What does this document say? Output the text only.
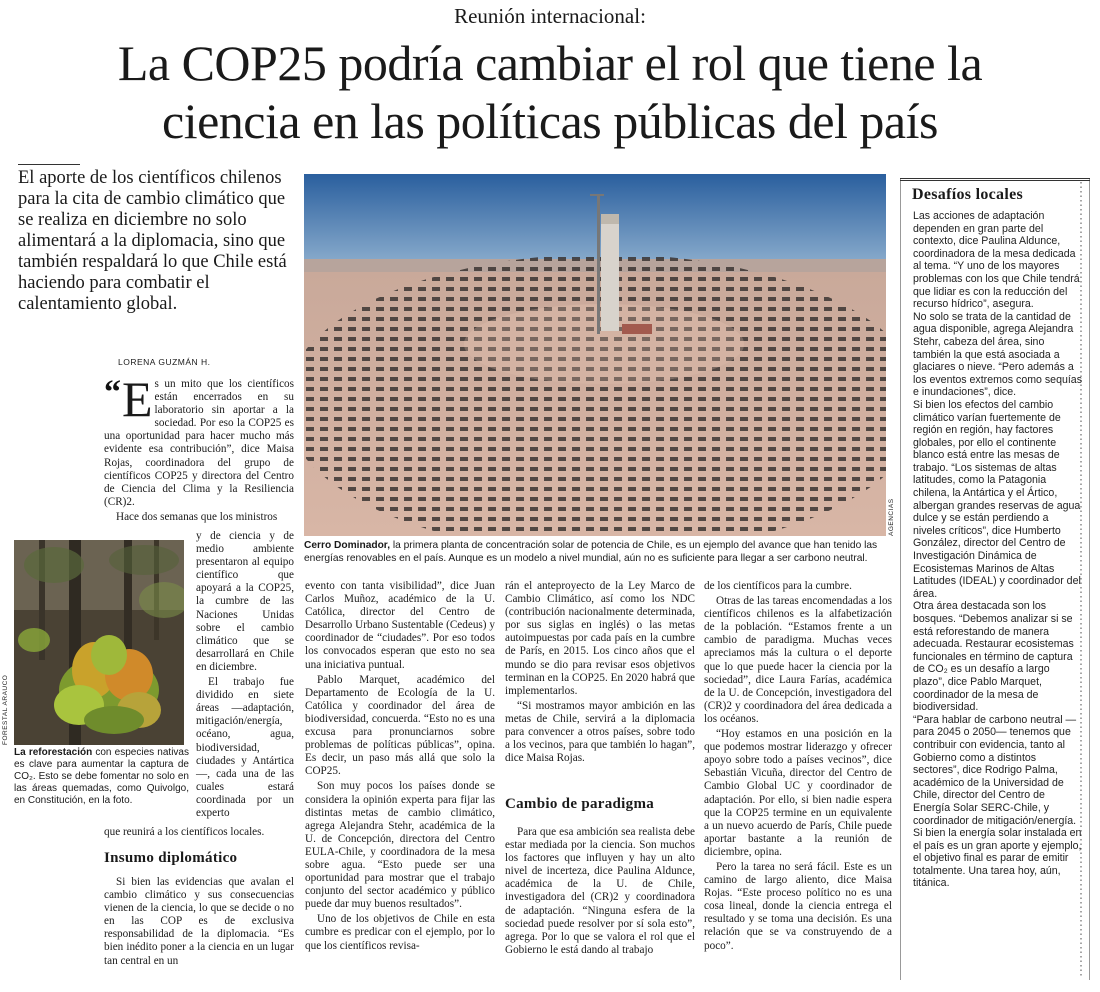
Reunión internacional:
La COP25 podría cambiar el rol que tiene la
ciencia en las políticas públicas del país
El aporte de los científicos chilenos para la cita de cambio climático que se realiza en diciembre no solo alimentará a la diplomacia, sino que también respaldará lo que Chile está haciendo para combatir el calentamiento global.
LORENA GUZMÁN H.

“ E s un mito que los científicos están encerrados en su laboratorio sin aportar a la sociedad. Por eso la COP25 es una oportunidad para hacer mucho más evidente esa contribución”, dice Maisa Rojas, coordinadora del grupo de científicos COP25 y directora del Centro de Ciencia del Clima y la Resiliencia (CR)2.

Hace dos semanas que los ministros

y de ciencia y de medio ambiente presentaron al equipo científico que apoyará a la COP25, la cumbre de las Naciones Unidas sobre el cambio climático que se desarrollará en Chile en diciembre.

El trabajo fue dividido en siete áreas —adaptación, mitigación/energía, océano, agua, biodiversidad, ciudades y Antártica—, cada una de las cuales estará coordinada por un experto

que reunirá a los científicos locales.

FORESTAL ARAUCO
La reforestación con especies nativas es clave para aumentar la captura de CO₂. Esto se debe fomentar no solo en las áreas quemadas, como Quivolgo, en Constitución, en la foto.
Insumo diplomático

Si bien las evidencias que avalan el cambio climático y sus consecuencias vienen de la ciencia, lo que se decide o no en las COP es de exclusiva responsabilidad de la diplomacia. “Es bien inédito poner a la ciencia en un lugar tan central en un

AGENCIAS
Cerro Dominador, la primera planta de concentración solar de potencia de Chile, es un ejemplo del avance que han tenido las energías renovables en el país. Aunque es un modelo a nivel mundial, aún no es suficiente para llegar a ser carbono neutral.

evento con tanta visibilidad”, dice Juan Carlos Muñoz, académico de la U. Católica, director del Centro de Desarrollo Urbano Sustentable (Cedeus) y coordinador de “ciudades”. Por eso todos los convocados esperan que esto no sea una iniciativa puntual.

Pablo Marquet, académico del Departamento de Ecología de la U. Católica y coordinador del área de biodiversidad, concuerda. “Esto no es una excusa para pronunciarnos sobre problemas de políticas públicas”, opina. Es decir, un paso más allá que solo la COP25.

Son muy pocos los países donde se considera la opinión experta para fijar las distintas metas de cambio climático, agrega Alejandra Stehr, académica de la U. de Concepción, directora del Centro EULA-Chile, y coordinadora de la mesa sobre agua. “Esto puede ser una oportunidad para mostrar que el trabajo conjunto del sector académico y público puede dar muy buenos resultados”.

Uno de los objetivos de Chile en esta cumbre es predicar con el ejemplo, por lo que los científicos revisa-

rán el anteproyecto de la Ley Marco de Cambio Climático, así como los NDC (contribución nacionalmente determinada, por sus siglas en inglés) o las metas autoimpuestas por cada país en la cumbre de París, en 2015. Los cinco años que el mundo se dio para revisar esos objetivos terminan en la COP25. En 2020 habrá que implementarlos.

“Si mostramos mayor ambición en las metas de Chile, servirá a la diplomacia para convencer a otros países, sobre todo a los vecinos, para que también lo hagan”, dice Maisa Rojas.

Cambio de paradigma

Para que esa ambición sea realista debe estar mediada por la ciencia. Son muchos los factores que influyen y hay un alto nivel de incerteza, dice Paulina Aldunce, académica de la U. de Chile, investigadora del (CR)2 y coordinadora de adaptación. “Ninguna esfera de la sociedad puede resolver por sí sola esto”, agrega. Por lo que se valora el rol que el Gobierno le está dando al trabajo

de los científicos para la cumbre.

Otras de las tareas encomendadas a los científicos chilenos es la alfabetización de la población. “Estamos frente a un cambio de paradigma. Muchas veces apreciamos más la cultura o el deporte que lo que puede hacer la ciencia por la sociedad”, dice Laura Farías, académica de la U. de Concepción, investigadora del (CR)2 y coordinadora del área dedicada a los océanos.

“Hoy estamos en una posición en la que podemos mostrar liderazgo y ofrecer apoyo sobre todo a países vecinos”, dice Sebastián Vicuña, director del Centro de Cambio Global UC y coordinador de adaptación. Por ello, si bien nadie espera que la COP25 termine en un equivalente a un nuevo acuerdo de París, Chile puede aportar bastante a la reunión de diciembre, opina.

Pero la tarea no será fácil. Este es un camino de largo aliento, dice Maisa Rojas. “Este proceso político no es una cosa lineal, donde la ciencia entrega el resultado y se toma una decisión. Es una relación que se va construyendo de a poco”.

Desafíos locales

Las acciones de adaptación dependen en gran parte del contexto, dice Paulina Aldunce, coordinadora de la mesa dedicada al tema. “Y uno de los mayores problemas con los que Chile tendrá que lidiar es con la reducción del recurso hídrico”, asegura.

No solo se trata de la cantidad de agua disponible, agrega Alejandra Stehr, cabeza del área, sino también la que está asociada a glaciares o nieve. “Pero además a los eventos extremos como sequías e inundaciones”, dice.

Si bien los efectos del cambio climático varían fuertemente de región en región, hay factores globales, por ello el continente blanco está entre las mesas de trabajo. “Los sistemas de altas latitudes, como la Patagonia chilena, la Antártica y el Ártico, albergan grandes reservas de agua dulce y se están perdiendo a niveles críticos”, dice Humberto González, director del Centro de Investigación Dinámica de Ecosistemas Marinos de Altas Latitudes (IDEAL) y coordinador del área.

Otra área destacada son los bosques. “Debemos analizar si se está reforestando de manera adecuada. Restaurar ecosistemas funcionales en término de captura de CO₂ es un desafío a largo plazo”, dice Pablo Marquet, coordinador de la mesa de biodiversidad.

“Para hablar de carbono neutral —para 2045 o 2050— tenemos que contribuir con evidencia, tanto al Gobierno como a distintos sectores”, dice Rodrigo Palma, académico de la Universidad de Chile, director del Centro de Energía Solar SERC-Chile, y coordinador de mitigación/energía. Si bien la energía solar instalada en el país es un gran aporte y ejemplo, el objetivo final es parar de emitir totalmente. Una tarea hoy, aún, titánica.
